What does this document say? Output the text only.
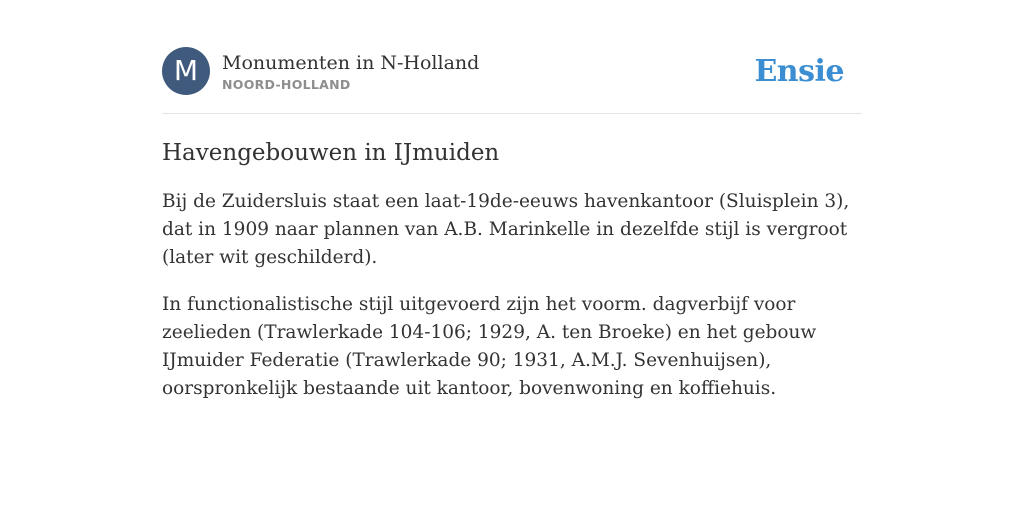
M	Monumenten in N-Holland
NOORD-HOLLAND	Ensie
Havengebouwen in IJmuiden

Bij de Zuidersluis staat een laat-19de-eeuws havenkantoor (Sluisplein 3), dat in 1909 naar plannen van A.B. Marinkelle in dezelfde stijl is vergroot (later wit geschilderd).

In functionalistische stijl uitgevoerd zijn het voorm. dagverbijf voor zeelieden (Trawlerkade 104-106; 1929, A. ten Broeke) en het gebouw IJmuider Federatie (Trawlerkade 90; 1931, A.M.J. Sevenhuijsen), oorspronkelijk bestaande uit kantoor, bovenwoning en koffiehuis.
